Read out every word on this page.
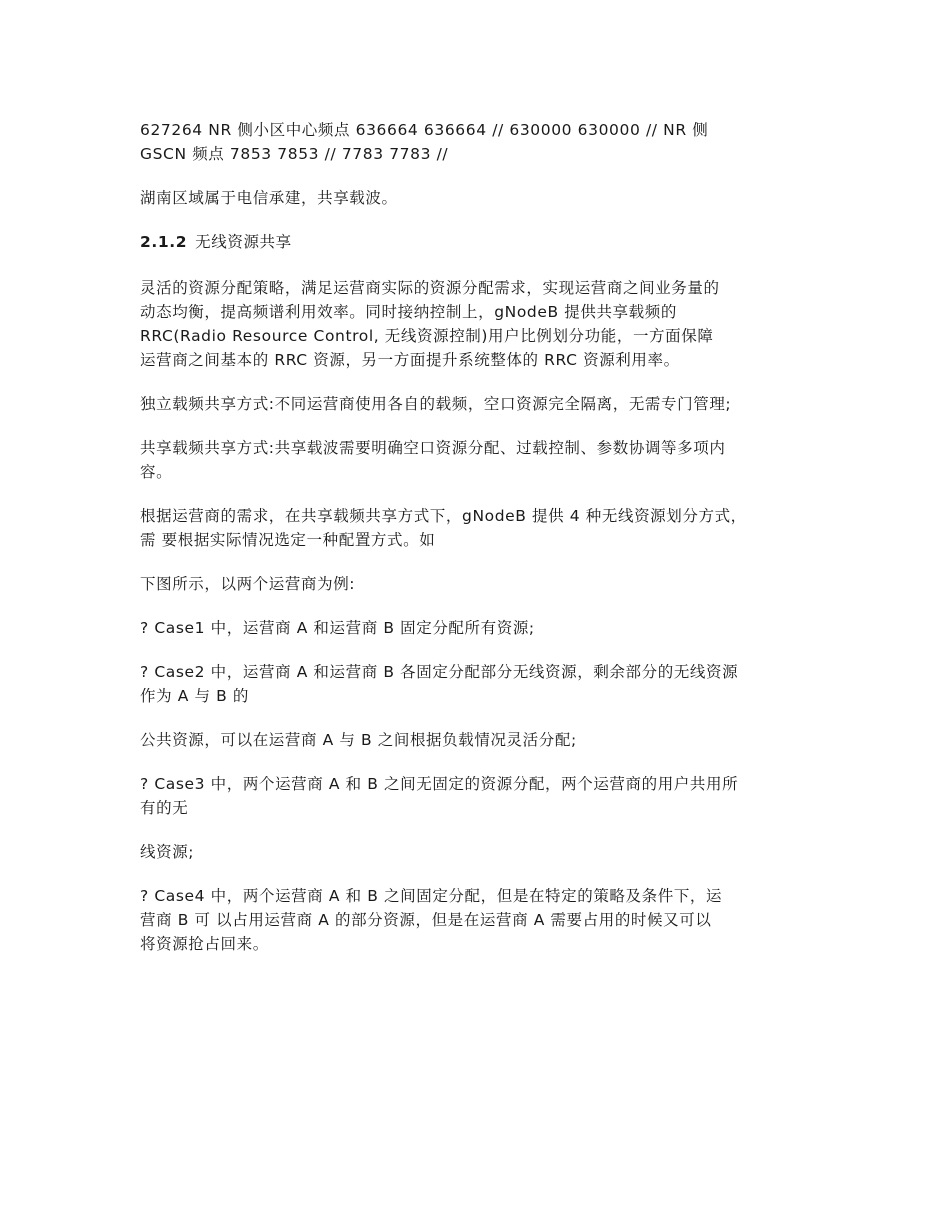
627264 NR 侧小区中心频点 636664 636664 // 630000 630000 // NR 侧
GSCN 频点 7853 7853 // 7783 7783 //

湖南区域属于电信承建，共享载波。

2.1.2 无线资源共享

灵活的资源分配策略，满足运营商实际的资源分配需求，实现运营商之间业务量的
动态均衡，提高频谱利用效率。同时接纳控制上，gNodeB 提供共享载频的
RRC(Radio Resource Control, 无线资源控制)用户比例划分功能，一方面保障
运营商之间基本的 RRC 资源，另一方面提升系统整体的 RRC 资源利用率。

独立载频共享方式:不同运营商使用各自的载频，空口资源完全隔离，无需专门管理;

共享载频共享方式:共享载波需要明确空口资源分配、过载控制、参数协调等多项内
容。

根据运营商的需求，在共享载频共享方式下，gNodeB 提供 4 种无线资源划分方式，
需 要根据实际情况选定一种配置方式。如

下图所示，以两个运营商为例:

? Case1 中，运营商 A 和运营商 B 固定分配所有资源;

? Case2 中，运营商 A 和运营商 B 各固定分配部分无线资源，剩余部分的无线资源
作为 A 与 B 的

公共资源，可以在运营商 A 与 B 之间根据负载情况灵活分配;

? Case3 中，两个运营商 A 和 B 之间无固定的资源分配，两个运营商的用户共用所
有的无

线资源;

? Case4 中，两个运营商 A 和 B 之间固定分配，但是在特定的策略及条件下，运
营商 B 可 以占用运营商 A 的部分资源，但是在运营商 A 需要占用的时候又可以
将资源抢占回来。
